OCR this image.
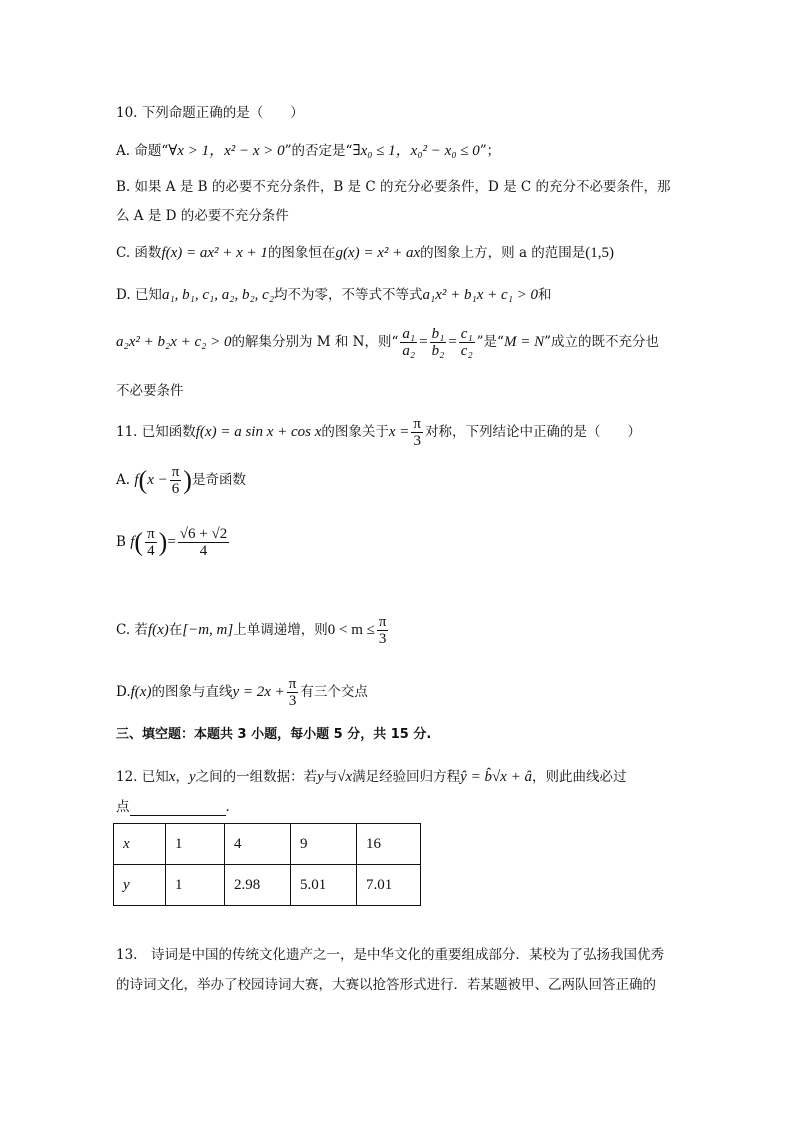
10. 下列命题正确的是（　　）
A. 命题“∀x > 1，x² − x > 0”的否定是“∃x₀ ≤ 1，x₀² − x₀ ≤ 0”；
B. 如果 A 是 B 的必要不充分条件，B 是 C 的充分必要条件，D 是 C 的充分不必要条件，那
么 A 是 D 的必要不充分条件
C. 函数f(x) = ax² + x + 1的图象恒在g(x) = x² + ax的图象上方，则 a 的范围是(1,5)
D. 已知a₁, b₁, c₁, a₂, b₂, c₂均不为零，不等式不等式a₁x² + b₁x + c₁ > 0和
a₂x² + b₂x + c₂ > 0的解集分别为 M 和 N，则“ $\frac{\text{a₁}}{\text{a₂}} = \frac{\text{b₁}}{\text{b₂}} = \frac{\text{c₁}}{\text{c₂}}$ ”是“M = N”成立的既不充分也
不必要条件
11. 已知函数f(x) = a sin x + cos x的图象关于$x = \frac{\pi}{3}$ 对称，下列结论中正确的是（　　）
A. $f(x - \frac{\pi}{6}$ )是奇函数
B $f( \frac{\pi}{4}$ )= $\frac{√6 + √2}{4}$
C. 若f(x)在[−m, m]上单调递增，则$0 < m \le \frac{\pi}{3}$
D.f(x)的图象与直线$y = 2x + \frac{\pi}{3}$ 有三个交点
三、填空题：本题共 3 小题，每小题 5 分，共 15 分.
12. 已知x，y之间的一组数据：若y与√x满足经验回归方程ŷ = b̂√x + â，则此曲线必过
点	.
x	1	4	9	16
y	1	2.98	5.01	7.01
13.　诗词是中国的传统文化遗产之一，是中华文化的重要组成部分．某校为了弘扬我国优秀
的诗词文化，举办了校园诗词大赛，大赛以抢答形式进行．若某题被甲、乙两队回答正确的
